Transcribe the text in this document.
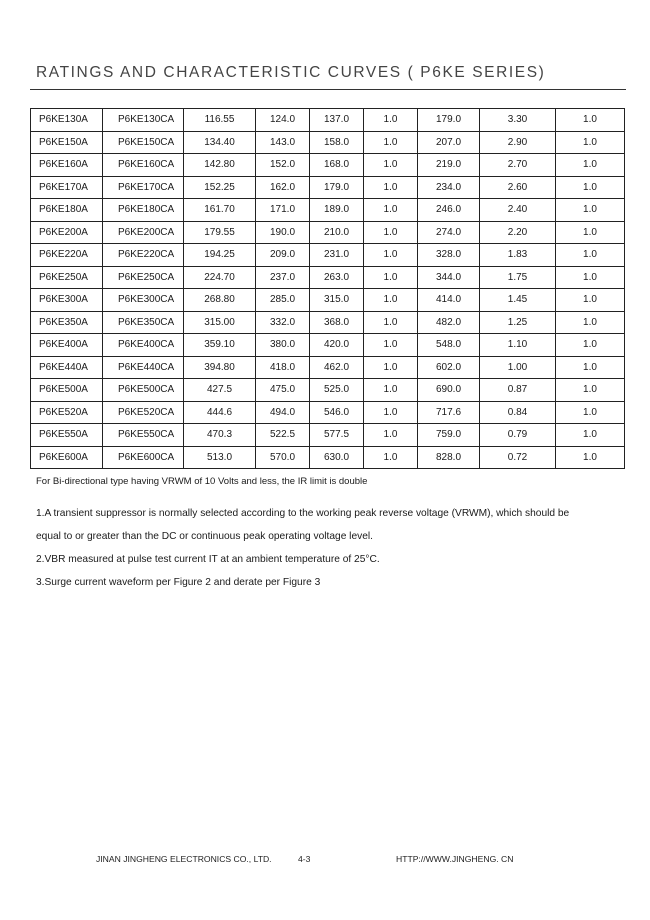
RATINGS AND CHARACTERISTIC CURVES ( P6KE SERIES)
P6KE130A	P6KE130CA	116.55	124.0	137.0	1.0	179.0	3.30	1.0
P6KE150A	P6KE150CA	134.40	143.0	158.0	1.0	207.0	2.90	1.0
P6KE160A	P6KE160CA	142.80	152.0	168.0	1.0	219.0	2.70	1.0
P6KE170A	P6KE170CA	152.25	162.0	179.0	1.0	234.0	2.60	1.0
P6KE180A	P6KE180CA	161.70	171.0	189.0	1.0	246.0	2.40	1.0
P6KE200A	P6KE200CA	179.55	190.0	210.0	1.0	274.0	2.20	1.0
P6KE220A	P6KE220CA	194.25	209.0	231.0	1.0	328.0	1.83	1.0
P6KE250A	P6KE250CA	224.70	237.0	263.0	1.0	344.0	1.75	1.0
P6KE300A	P6KE300CA	268.80	285.0	315.0	1.0	414.0	1.45	1.0
P6KE350A	P6KE350CA	315.00	332.0	368.0	1.0	482.0	1.25	1.0
P6KE400A	P6KE400CA	359.10	380.0	420.0	1.0	548.0	1.10	1.0
P6KE440A	P6KE440CA	394.80	418.0	462.0	1.0	602.0	1.00	1.0
P6KE500A	P6KE500CA	427.5	475.0	525.0	1.0	690.0	0.87	1.0
P6KE520A	P6KE520CA	444.6	494.0	546.0	1.0	717.6	0.84	1.0
P6KE550A	P6KE550CA	470.3	522.5	577.5	1.0	759.0	0.79	1.0
P6KE600A	P6KE600CA	513.0	570.0	630.0	1.0	828.0	0.72	1.0

For Bi-directional type having VRWM of 10 Volts and less, the IR limit is double

1.A transient suppressor is normally selected according to the working peak reverse voltage (VRWM), which should be

equal to or greater than the DC or continuous peak operating voltage level.

2.VBR measured at pulse test current IT at an ambient temperature of 25°C.

3.Surge current waveform per Figure 2 and derate per Figure 3

JINAN JINGHENG ELECTRONICS CO., LTD.	4-3	HTTP://WWW.JINGHENG. CN
